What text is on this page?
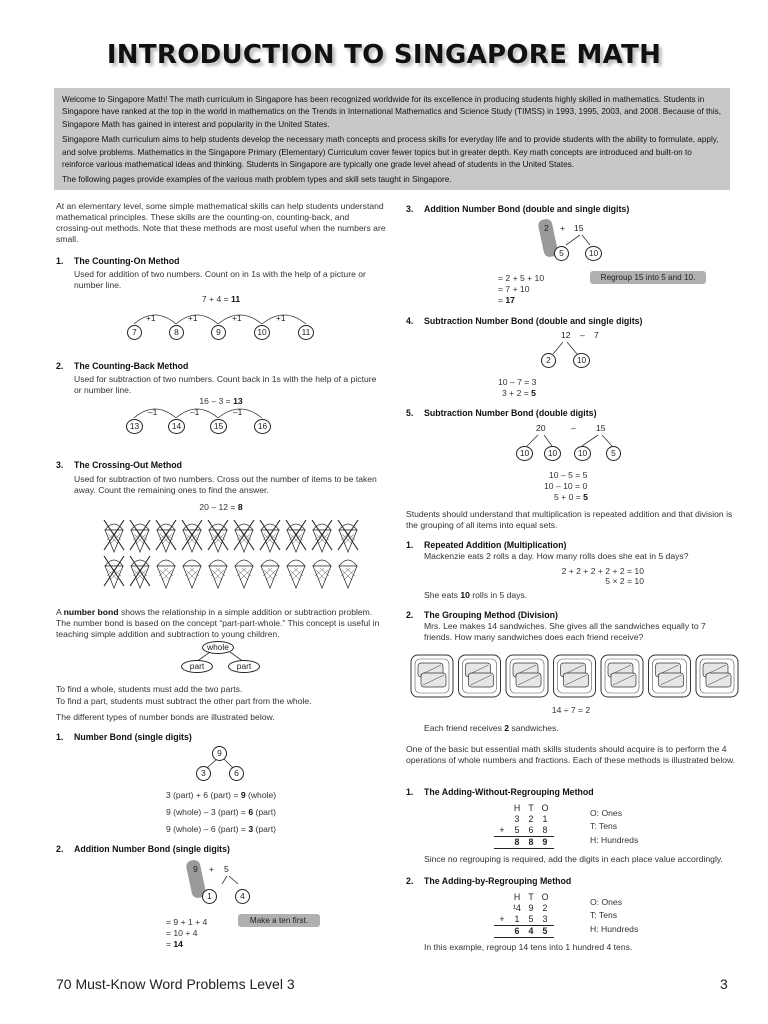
INTRODUCTION TO SINGAPORE MATH

Welcome to Singapore Math! The math curriculum in Singapore has been recognized worldwide for its excellence in producing students highly skilled in mathematics. Students in Singapore have ranked at the top in the world in mathematics on the Trends in International Mathematics and Science Study (TIMSS) in 1993, 1995, 2003, and 2008. Because of this, Singapore Math has gained in interest and popularity in the United States.

Singapore Math curriculum aims to help students develop the necessary math concepts and process skills for everyday life and to provide students with the ability to formulate, apply, and solve problems. Mathematics in the Singapore Primary (Elementary) Curriculum cover fewer topics but in greater depth. Key math concepts are introduced and built-on to reinforce various mathematical ideas and thinking. Students in Singapore are typically one grade level ahead of students in the United States.

The following pages provide examples of the various math problem types and skill sets taught in Singapore.

At an elementary level, some simple mathematical skills can help students understand mathematical principles. These skills are the counting-on, counting-back, and crossing-out methods. Note that these methods are most useful when the numbers are small.
1. The Counting-On Method
Used for addition of two numbers. Count on in 1s with the help of a picture or number line.
7 + 4 = 11
+1	+1	+1	+1
7	8	9	10	11
2. The Counting-Back Method
Used for subtraction of two numbers. Count back in 1s with the help of a picture or number line.
16 – 3 = 13
–1	–1	–1
13	14	15	16
3. The Crossing-Out Method
Used for subtraction of two numbers. Cross out the number of items to be taken away. Count the remaining ones to find the answer.
20 – 12 = 8
A number bond shows the relationship in a simple addition or subtraction problem. The number bond is based on the concept “part-part-whole.” This concept is useful in teaching simple addition and subtraction to young children.
whole
part	part
To find a whole, students must add the two parts.
To find a part, students must subtract the other part from the whole.
The different types of number bonds are illustrated below.
1. Number Bond (single digits)
9
3	6
3 (part) + 6 (part) = 9 (whole)
9 (whole) – 3 (part) = 6 (part)
9 (whole) – 6 (part) = 3 (part)
2. Addition Number Bond (single digits)
9 + 5
1	4
= 9 + 1 + 4
= 10 + 4
= 14
Make a ten first.
3. Addition Number Bond (double and single digits)
2 + 15
5	10
= 2 + 5 + 10
= 7 + 10
= 17
Regroup 15 into 5 and 10.
4. Subtraction Number Bond (double and single digits)
12 – 7
2	10
10 – 7 = 3
3 + 2 = 5
5. Subtraction Number Bond (double digits)
20	– 15
10	10	10	5
10 – 5 = 5
10 – 10 = 0
5 + 0 = 5
Students should understand that multiplication is repeated addition and that division is the grouping of all items into equal sets.
1. Repeated Addition (Multiplication)
Mackenzie eats 2 rolls a day. How many rolls does she eat in 5 days?
2 + 2 + 2 + 2 + 2 = 10
5 × 2 = 10
She eats 10 rolls in 5 days.
2. The Grouping Method (Division)
Mrs. Lee makes 14 sandwiches. She gives all the sandwiches equally to 7 friends. How many sandwiches does each friend receive?
14 ÷ 7 = 2
Each friend receives 2 sandwiches.
One of the basic but essential math skills students should acquire is to perform the 4 operations of whole numbers and fractions. Each of these methods is illustrated below.
1. The Adding-Without-Regrouping Method
H T O
3 2 1
+ 5 6 8
8 8 9
O: Ones
T: Tens
H: Hundreds
Since no regrouping is required, add the digits in each place value accordingly.
2. The Adding-by-Regrouping Method
H T O
¹4 9 2
+ 1 5 3
6 4 5
O: Ones
T: Tens
H: Hundreds
In this example, regroup 14 tens into 1 hundred 4 tens.
70 Must-Know Word Problems Level 3	3
